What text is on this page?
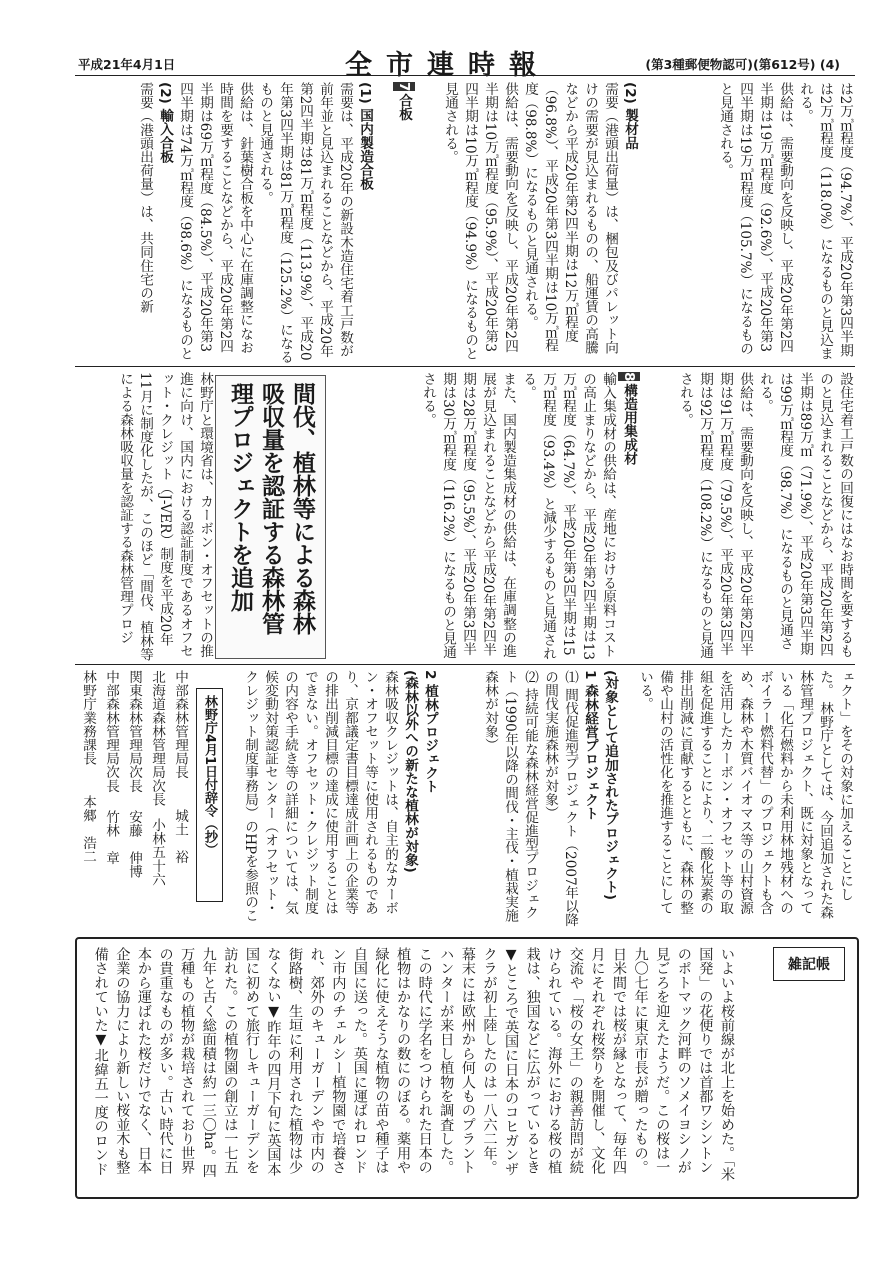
平成21年4月1日	全市連時報	(第3種郵便物認可)(第612号) (4)
は2万㎥程度（94.7%）、平成20年第3四半期は2万㎥程度（118.0%）になるものと見込まれる。
供給は、需要動向を反映し、平成20年第2四半期は19万㎥程度（92.6%）、平成20年第3四半期は19万㎥程度（105.7%）になるものと見通される。
(2) 製材品
需要（港頭出荷量）は、梱包及びパレット向けの需要が見込まれるものの、船運賃の高騰などから平成20年第2四半期は12万㎥程度（96.8%）、平成20年第3四半期は10万㎥程度（98.8%）になるものと見通される。
供給は、需要動向を反映し、平成20年第2四半期は10万㎥程度（95.9%）、平成20年第3四半期は10万㎥程度（94.9%）になるものと見通される。
7合板
(1) 国内製造合板
需要は、平成20年の新設木造住宅着工戸数が前年並と見込まれることなどから、平成20年第2四半期は81万㎥程度（113.9%）、平成20年第3四半期は81万㎥程度（125.2%）になるものと見通される。
供給は、針葉樹合板を中心に在庫調整になお時間を要することなどから、平成20年第2四半期は69万㎥程度（84.5%）、平成20年第3四半期は74万㎥程度（98.6%）になるものと
(2) 輸入合板
需要（港頭出荷量）は、共同住宅の新
設住宅着工戸数の回復にはなお時間を要するものと見込まれることなどから、平成20年第2四半期は89万㎥（71.9%）、平成20年第3四半期は99万㎥程度（98.7%）になるものと見通される。
供給は、需要動向を反映し、平成20年第2四半期は91万㎥程度（79.5%）、平成20年第3四半期は92万㎥程度（108.2%）になるものと見通される。
8構造用集成材
輸入集成材の供給は、産地における原料コストの高止まりなどから、平成20年第2四半期は13万㎥程度（64.7%）、平成20年第3四半期は15万㎥程度（93.4%）と減少するものと見通される。
また、国内製造集成材の供給は、在庫調整の進展が見込まれることなどから平成20年第2四半期は28万㎥程度（95.5%）、平成20年第3四半期は30万㎥程度（116.2%）になるものと見通される。
間伐、植林等による森林吸収量を認証する森林管理プロジェクトを追加
林野庁と環境省は、カーボン・オフセットの推進に向け、国内における認証制度であるオフセット・クレジット（J-VER）制度を平成20年11月に制度化したが、このほど「間伐、植林等による森林吸収量を認証する森林管理プロジ
ェクト」をその対象に加えることにした。 林野庁としては、今回追加された森林管理プロジェクト、既に対象となっている「化石燃料から未利用林地残材へのボイラー燃料代替」のプロジェクトも含め、森林や木質バイオマス等の山村資源を活用したカーボン・オフセット等の取組を促進することにより、二酸化炭素の排出削減に貢献するとともに、森林の整備や山村の活性化を推進することにしている。
(対象として追加されたプロジェクト)
1 森林経営プロジェクト
⑴ 間伐促進型プロジェクト（2007年以降の間伐実施森林が対象）
⑵ 持続可能な森林経営促進型プロジェクト（1990年以降の間伐・主伐・植栽実施森林が対象）
2 植林プロジェクト
(森林以外への新たな植林が対象)
森林吸収クレジットは、自主的なカーボン・オフセット等に使用されるものであり、京都議定書目標達成計画上の企業等の排出削減目標の達成に使用することはできない。オフセット・クレジット制度の内容や手続き等の詳細については、気候変動対策認証センター（オフセット・クレジット制度事務局）のHPを参照のこ
林野庁4月1日付辞令（抄）
中部森林管理局長城土　裕
北海道森林管理局次長小林五十六
関東森林管理局次長安藤　伸博
中部森林管理局次長竹林　章
林野庁業務課長本郷　浩二
雑記帳
いよいよ桜前線が北上を始めた。「米国発」の花便りでは首都ワシントンのポトマック河畔のソメイヨシノが見ごろを迎えたようだ。この桜は一九〇七年に東京市長が贈ったもの。日米間では桜が縁となって、毎年四月にそれぞれ桜祭りを開催し、文化交流や「桜の女王」の親善訪問が続けられている。海外における桜の植栽は、独国などに広がっているとき▼ところで英国に日本のコヒガンザクラが初上陸したのは一八六二年。幕末には欧州から何人ものプラントハンターが来日し植物を調査した。この時代に学名をつけられた日本の植物はかなりの数にのぼる。薬用や緑化に使えそうな植物の苗や種子は自国に送った。英国に運ばれロンドン市内のチェルシー植物園で培養され、郊外のキューガーデンや市内の街路樹、生垣に利用された植物は少なくない▼昨年の四月下旬に英国本国に初めて旅行しキューガーデンを訪れた。この植物園の創立は一七五九年と古く総面積は約一三〇ha。四万種もの植物が栽培されており世界の貴重なものが多い。古い時代に日本から運ばれた桜だけでなく、日本企業の協力により新しい桜並木も整備されていた▼北緯五一度のロンド
